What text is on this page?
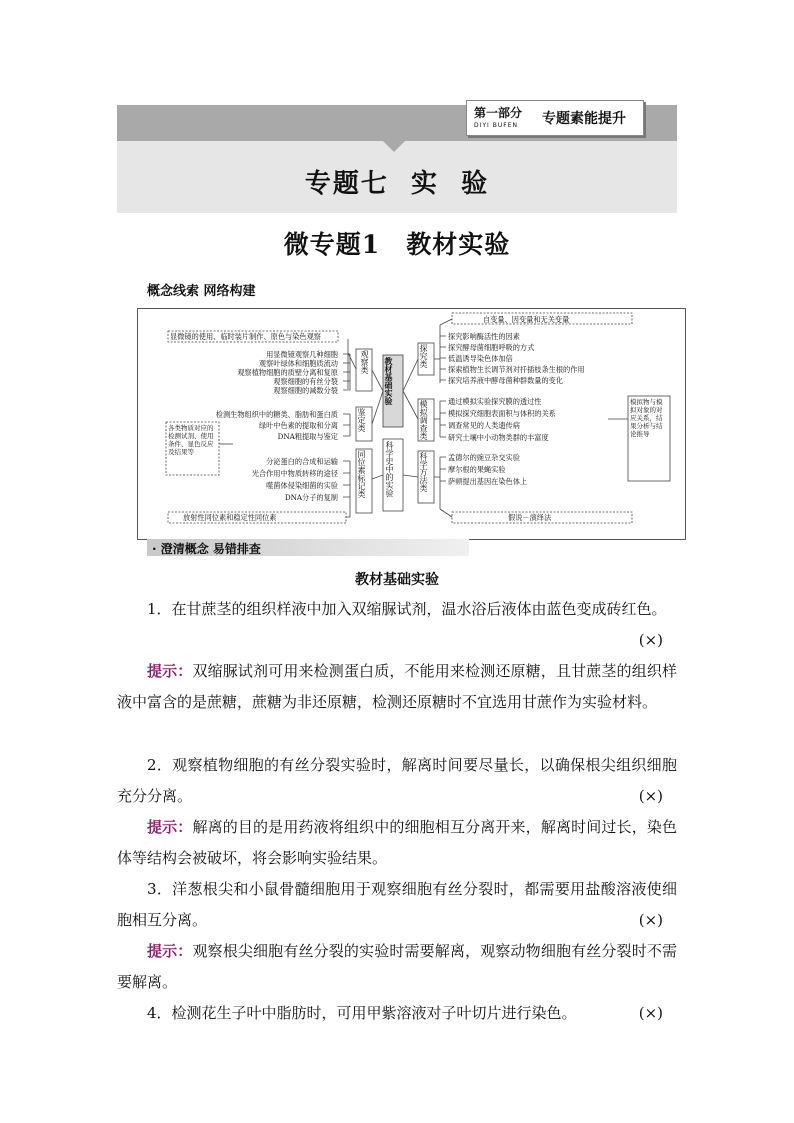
第一部分
DIYI BUFEN 专题素能提升
专题七  实  验
微专题1　教材实验
概念线索 网络构建
显微镜的使用、临时装片制作、原色与染色观察
用显微镜观察几种细胞
观察叶绿体和细胞质流动
观察植物细胞的质壁分离和复原
观察细胞的有丝分裂
观察细胞的减数分裂
检测生物组织中的糖类、脂肪和蛋白质
绿叶中色素的提取和分离
DNA粗提取与鉴定
分泌蛋白的合成和运输
光合作用中物质转移的途径
噬菌体侵染细菌的实验
DNA分子的复制
放射性同位素和稳定性同位素
自变量、因变量和无关变量
探究影响酶活性的因素
探究酵母菌细胞呼吸的方式
低温诱导染色体加倍
探索植物生长调节剂对扦插枝条生根的作用
探究培养液中酵母菌种群数量的变化
通过模拟实验探究膜的透过性
模拟探究细胞表面积与体积的关系
调查常见的人类遗传病
研究土壤中小动物类群的丰富度
孟德尔的豌豆杂交实验
摩尔根的果蝇实验
萨顿提出基因在染色体上
假说－演绎法
观察类
鉴定类
同位素标记类
教材基础实验
科学史中的实验
探究类
模拟调查类
科学方法类
各类物质对应的检测试剂、使用条件、显色反应及结果等
模拟物与模拟对象的对应关系，结果分析与结论推导
· 澄清概念 易错排查
教材基础实验
1．在甘蔗茎的组织样液中加入双缩脲试剂，温水浴后液体由蓝色变成砖红色。
(×)
提示：双缩脲试剂可用来检测蛋白质，不能用来检测还原糖，且甘蔗茎的组织样液中富含的是蔗糖，蔗糖为非还原糖，检测还原糖时不宜选用甘蔗作为实验材料。
2．观察植物细胞的有丝分裂实验时，解离时间要尽量长，以确保根尖组织细胞充分分离。	(×)
提示：解离的目的是用药液将组织中的细胞相互分离开来，解离时间过长，染色体等结构会被破坏，将会影响实验结果。
3．洋葱根尖和小鼠骨髓细胞用于观察细胞有丝分裂时，都需要用盐酸溶液使细胞相互分离。	(×)
提示：观察根尖细胞有丝分裂的实验时需要解离，观察动物细胞有丝分裂时不需要解离。
4．检测花生子叶中脂肪时，可用甲紫溶液对子叶切片进行染色。	(×)
